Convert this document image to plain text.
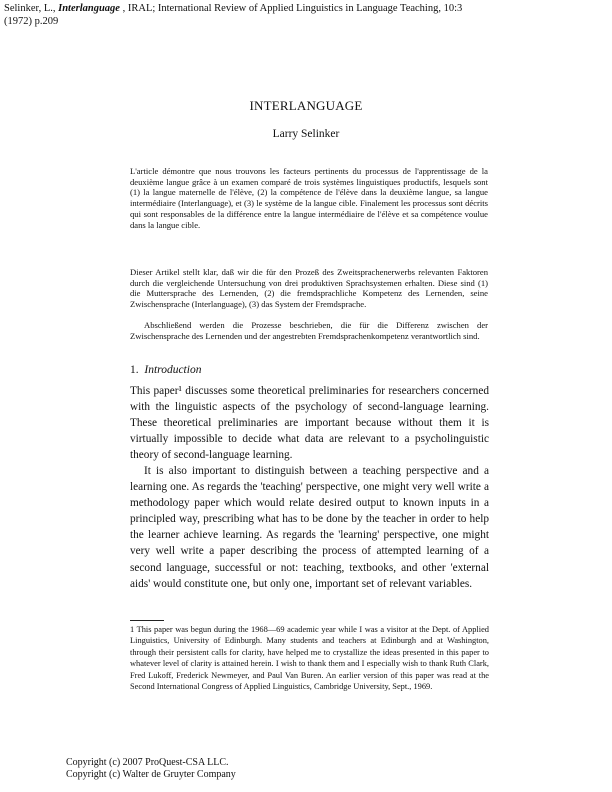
Selinker, L., Interlanguage , IRAL; International Review of Applied Linguistics in Language Teaching, 10:3 (1972) p.209
INTERLANGUAGE
Larry Selinker

L'article démontre que nous trouvons les facteurs pertinents du processus de l'apprentissage de la deuxième langue grâce à un examen comparé de trois systèmes linguistiques productifs, lesquels sont (1) la langue maternelle de l'élève, (2) la compétence de l'élève dans la deuxième langue, sa langue intermédiaire (Interlanguage), et (3) le système de la langue cible. Finalement les processus sont décrits qui sont responsables de la différence entre la langue intermédiaire de l'élève et sa compétence voulue dans la langue cible.

Dieser Artikel stellt klar, daß wir die für den Prozeß des Zweitsprachenerwerbs relevanten Faktoren durch die vergleichende Untersuchung von drei produktiven Sprachsystemen erhalten. Diese sind (1) die Muttersprache des Lernenden, (2) die fremdsprachliche Kompetenz des Lernenden, seine Zwischensprache (Interlanguage), (3) das System der Fremdsprache.

Abschließend werden die Prozesse beschrieben, die für die Differenz zwischen der Zwischensprache des Lernenden und der angestrebten Fremdsprachenkompetenz verantwortlich sind.

1. Introduction

This paper¹ discusses some theoretical preliminaries for researchers concerned with the linguistic aspects of the psychology of second-language learning. These theoretical preliminaries are important because without them it is virtually impossible to decide what data are relevant to a psycholinguistic theory of second-language learning.

It is also important to distinguish between a teaching perspective and a learning one. As regards the 'teaching' perspective, one might very well write a methodology paper which would relate desired output to known inputs in a principled way, prescribing what has to be done by the teacher in order to help the learner achieve learning. As regards the 'learning' perspective, one might very well write a paper describing the process of attempted learning of a second language, successful or not: teaching, textbooks, and other 'external aids' would constitute one, but only one, important set of relevant variables.

1 This paper was begun during the 1968—69 academic year while I was a visitor at the Dept. of Applied Linguistics, University of Edinburgh. Many students and teachers at Edinburgh and at Washington, through their persistent calls for clarity, have helped me to crystallize the ideas presented in this paper to whatever level of clarity is attained herein. I wish to thank them and I especially wish to thank Ruth Clark, Fred Lukoff, Frederick Newmeyer, and Paul Van Buren. An earlier version of this paper was read at the Second International Congress of Applied Linguistics, Cambridge University, Sept., 1969.

Copyright (c) 2007 ProQuest-CSA LLC.
Copyright (c) Walter de Gruyter Company
